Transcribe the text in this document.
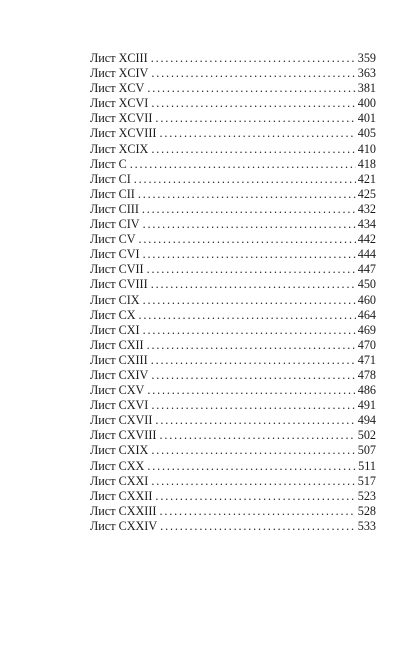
Лист XCIII . . .	359
Лист XCIV . . .	363
Лист XCV . . .	381
Лист XCVI . . .	400
Лист XCVII . . .	401
Лист XCVIII . . .	405
Лист XCIX . . .	410
Лист C . . .	418
Лист CI . . .	421
Лист CII . . .	425
Лист CIII . . .	432
Лист CIV . . .	434
Лист CV . . .	442
Лист CVI . . .	444
Лист CVII . . .	447
Лист CVIII . . .	450
Лист CIX . . .	460
Лист CX . . .	464
Лист CXI . . .	469
Лист CXII . . .	470
Лист CXIII . . .	471
Лист CXIV . . .	478
Лист CXV . . .	486
Лист CXVI . . .	491
Лист CXVII . . .	494
Лист CXVIII . . .	502
Лист CXIX . . .	507
Лист CXX . . .	511
Лист CXXI . . .	517
Лист CXXII . . .	523
Лист CXXIII . . .	528
Лист CXXIV . . .	533
